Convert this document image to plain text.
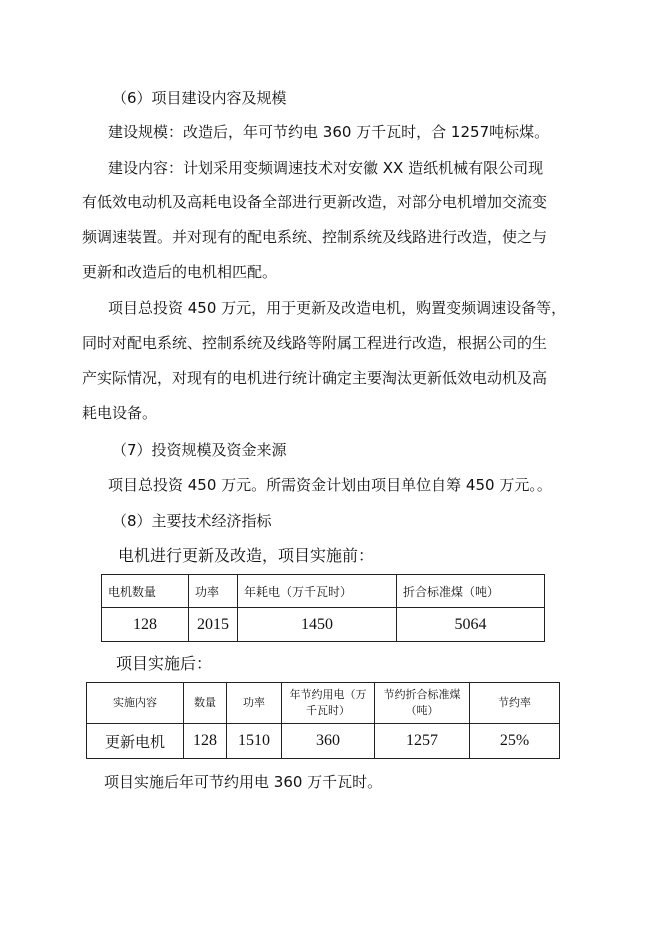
（6）项目建设内容及规模
建设规模：改造后，年可节约电 360 万千瓦时，合 1257吨标煤。
建设内容：计划采用变频调速技术对安徽 XX 造纸机械有限公司现
有低效电动机及高耗电设备全部进行更新改造，对部分电机增加交流变
频调速装置。并对现有的配电系统、控制系统及线路进行改造，使之与
更新和改造后的电机相匹配。
项目总投资 450 万元，用于更新及改造电机，购置变频调速设备等，
同时对配电系统、控制系统及线路等附属工程进行改造，根据公司的生
产实际情况，对现有的电机进行统计确定主要淘汰更新低效电动机及高
耗电设备。
（7）投资规模及资金来源
项目总投资 450 万元。所需资金计划由项目单位自筹 450 万元。。
（8）主要技术经济指标
电机进行更新及改造，项目实施前：
电机数量	功率	年耗电（万千瓦时）	折合标准煤（吨）
128	2015	1450	5064
项目实施后：
实施内容	数量	功率	年节约用电（万千瓦时）	节约折合标准煤（吨）	节约率
更新电机	128	1510	360	1257	25%
项目实施后年可节约用电 360 万千瓦时。
